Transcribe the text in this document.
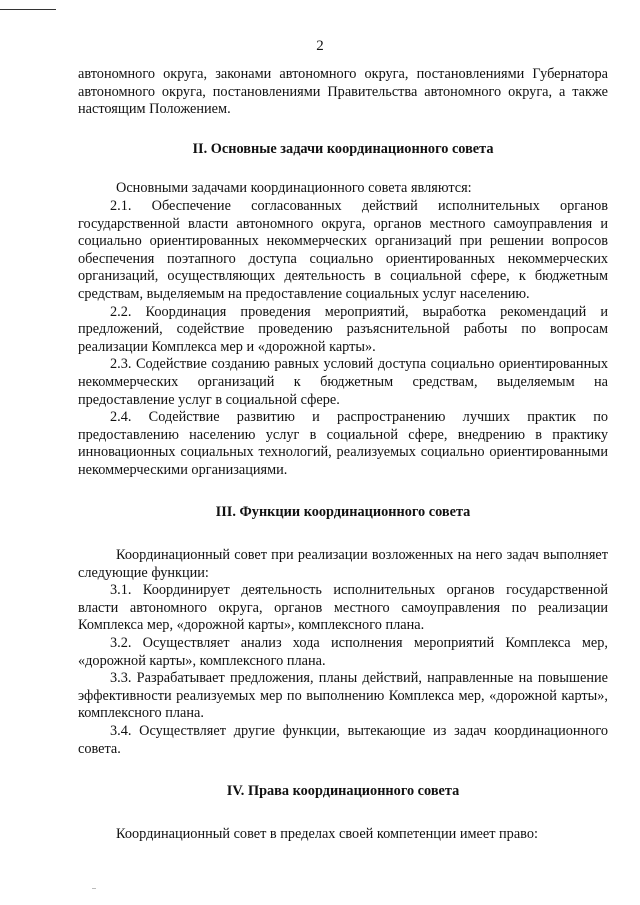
2

автономного округа, законами автономного округа, постановлениями Губернатора автономного округа, постановлениями Правительства автономного округа, а также настоящим Положением.

II. Основные задачи координационного совета

Основными задачами координационного совета являются:

2.1. Обеспечение согласованных действий исполнительных органов государственной власти автономного округа, органов местного самоуправления и социально ориентированных некоммерческих организаций при решении вопросов обеспечения поэтапного доступа социально ориентированных некоммерческих организаций, осуществляющих деятельность в социальной сфере, к бюджетным средствам, выделяемым на предоставление социальных услуг населению.

2.2. Координация проведения мероприятий, выработка рекомендаций и предложений, содействие проведению разъяснительной работы по вопросам реализации Комплекса мер и «дорожной карты».

2.3. Содействие созданию равных условий доступа социально ориентированных некоммерческих организаций к бюджетным средствам, выделяемым на предоставление услуг в социальной сфере.

2.4. Содействие развитию и распространению лучших практик по предоставлению населению услуг в социальной сфере, внедрению в практику инновационных социальных технологий, реализуемых социально ориентированными некоммерческими организациями.

III. Функции координационного совета

Координационный совет при реализации возложенных на него задач выполняет следующие функции:

3.1. Координирует деятельность исполнительных органов государственной власти автономного округа, органов местного самоуправления по реализации Комплекса мер, «дорожной карты», комплексного плана.

3.2. Осуществляет анализ хода исполнения мероприятий Комплекса мер, «дорожной карты», комплексного плана.

3.3. Разрабатывает предложения, планы действий, направленные на повышение эффективности реализуемых мер по выполнению Комплекса мер, «дорожной карты», комплексного плана.

3.4. Осуществляет другие функции, вытекающие из задач координационного совета.

IV. Права координационного совета

Координационный совет в пределах своей компетенции имеет право:
